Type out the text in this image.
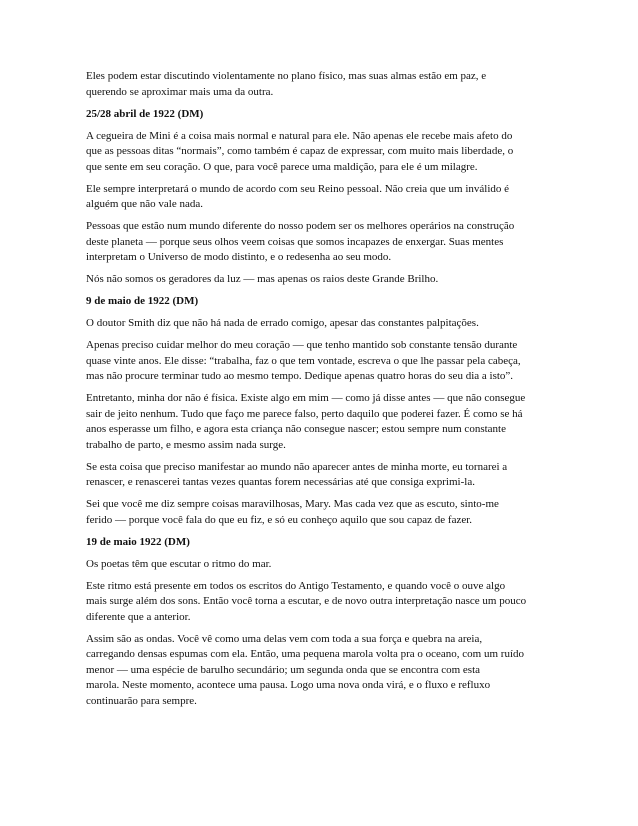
Eles podem estar discutindo violentamente no plano físico, mas suas almas estão em paz, e
querendo se aproximar mais uma da outra.
25/28 abril de 1922 (DM)
A cegueira de Mini é a coisa mais normal e natural para ele. Não apenas ele recebe mais afeto do
que as pessoas ditas “normais”, como também é capaz de expressar, com muito mais liberdade, o
que sente em seu coração. O que, para você parece uma maldição, para ele é um milagre.
Ele sempre interpretará o mundo de acordo com seu Reino pessoal. Não creia que um inválido é
alguém que não vale nada.
Pessoas que estão num mundo diferente do nosso podem ser os melhores operários na construção
deste planeta — porque seus olhos veem coisas que somos incapazes de enxergar. Suas mentes
interpretam o Universo de modo distinto, e o redesenha ao seu modo.
Nós não somos os geradores da luz — mas apenas os raios deste Grande Brilho.
9 de maio de 1922 (DM)
O doutor Smith diz que não há nada de errado comigo, apesar das constantes palpitações.
Apenas preciso cuidar melhor do meu coração — que tenho mantido sob constante tensão durante
quase vinte anos. Ele disse: “trabalha, faz o que tem vontade, escreva o que lhe passar pela cabeça,
mas não procure terminar tudo ao mesmo tempo. Dedique apenas quatro horas do seu dia a isto”.
Entretanto, minha dor não é física. Existe algo em mim — como já disse antes — que não consegue
sair de jeito nenhum. Tudo que faço me parece falso, perto daquilo que poderei fazer. É como se há
anos esperasse um filho, e agora esta criança não consegue nascer; estou sempre num constante
trabalho de parto, e mesmo assim nada surge.
Se esta coisa que preciso manifestar ao mundo não aparecer antes de minha morte, eu tornarei a
renascer, e renascerei tantas vezes quantas forem necessárias até que consiga exprimi-la.
Sei que você me diz sempre coisas maravilhosas, Mary. Mas cada vez que as escuto, sinto-me
ferido — porque você fala do que eu fiz, e só eu conheço aquilo que sou capaz de fazer.
19 de maio 1922 (DM)
Os poetas têm que escutar o ritmo do mar.
Este ritmo está presente em todos os escritos do Antigo Testamento, e quando você o ouve algo
mais surge além dos sons. Então você torna a escutar, e de novo outra interpretação nasce um pouco
diferente que a anterior.
Assim são as ondas. Você vê como uma delas vem com toda a sua força e quebra na areia,
carregando densas espumas com ela. Então, uma pequena marola volta pra o oceano, com um ruído
menor — uma espécie de barulho secundário; um segunda onda que se encontra com esta
marola. Neste momento, acontece uma pausa. Logo uma nova onda virá, e o fluxo e refluxo
continuarão para sempre.
